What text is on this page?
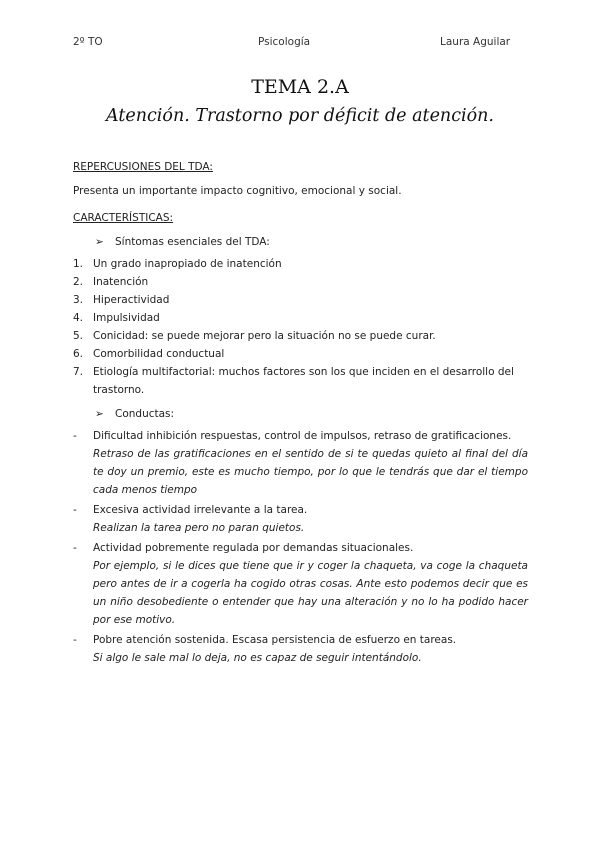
2º TO	Psicología	Laura Aguilar
TEMA 2.A
Atención. Trastorno por déficit de atención.

REPERCUSIONES DEL TDA:

Presenta un importante impacto cognitivo, emocional y social.

CARACTERÍSTICAS:

➢ Síntomas esenciales del TDA:
1. Un grado inapropiado de inatención
2. Inatención
3. Hiperactividad
4. Impulsividad
5. Conicidad: se puede mejorar pero la situación no se puede curar.
6. Comorbilidad conductual
7. Etiología multifactorial: muchos factores son los que inciden en el desarrollo del trastorno.
➢ Conductas:
- Dificultad inhibición respuestas, control de impulsos, retraso de gratificaciones.
Retraso de las gratificaciones en el sentido de si te quedas quieto al final del día te doy un premio, este es mucho tiempo, por lo que le tendrás que dar el tiempo cada menos tiempo
- Excesiva actividad irrelevante a la tarea.
Realizan la tarea pero no paran quietos.
- Actividad pobremente regulada por demandas situacionales.
Por ejemplo, si le dices que tiene que ir y coger la chaqueta, va coge la chaqueta pero antes de ir a cogerla ha cogido otras cosas. Ante esto podemos decir que es un niño desobediente o entender que hay una alteración y no lo ha podido hacer por ese motivo.
- Pobre atención sostenida. Escasa persistencia de esfuerzo en tareas.
Si algo le sale mal lo deja, no es capaz de seguir intentándolo.
